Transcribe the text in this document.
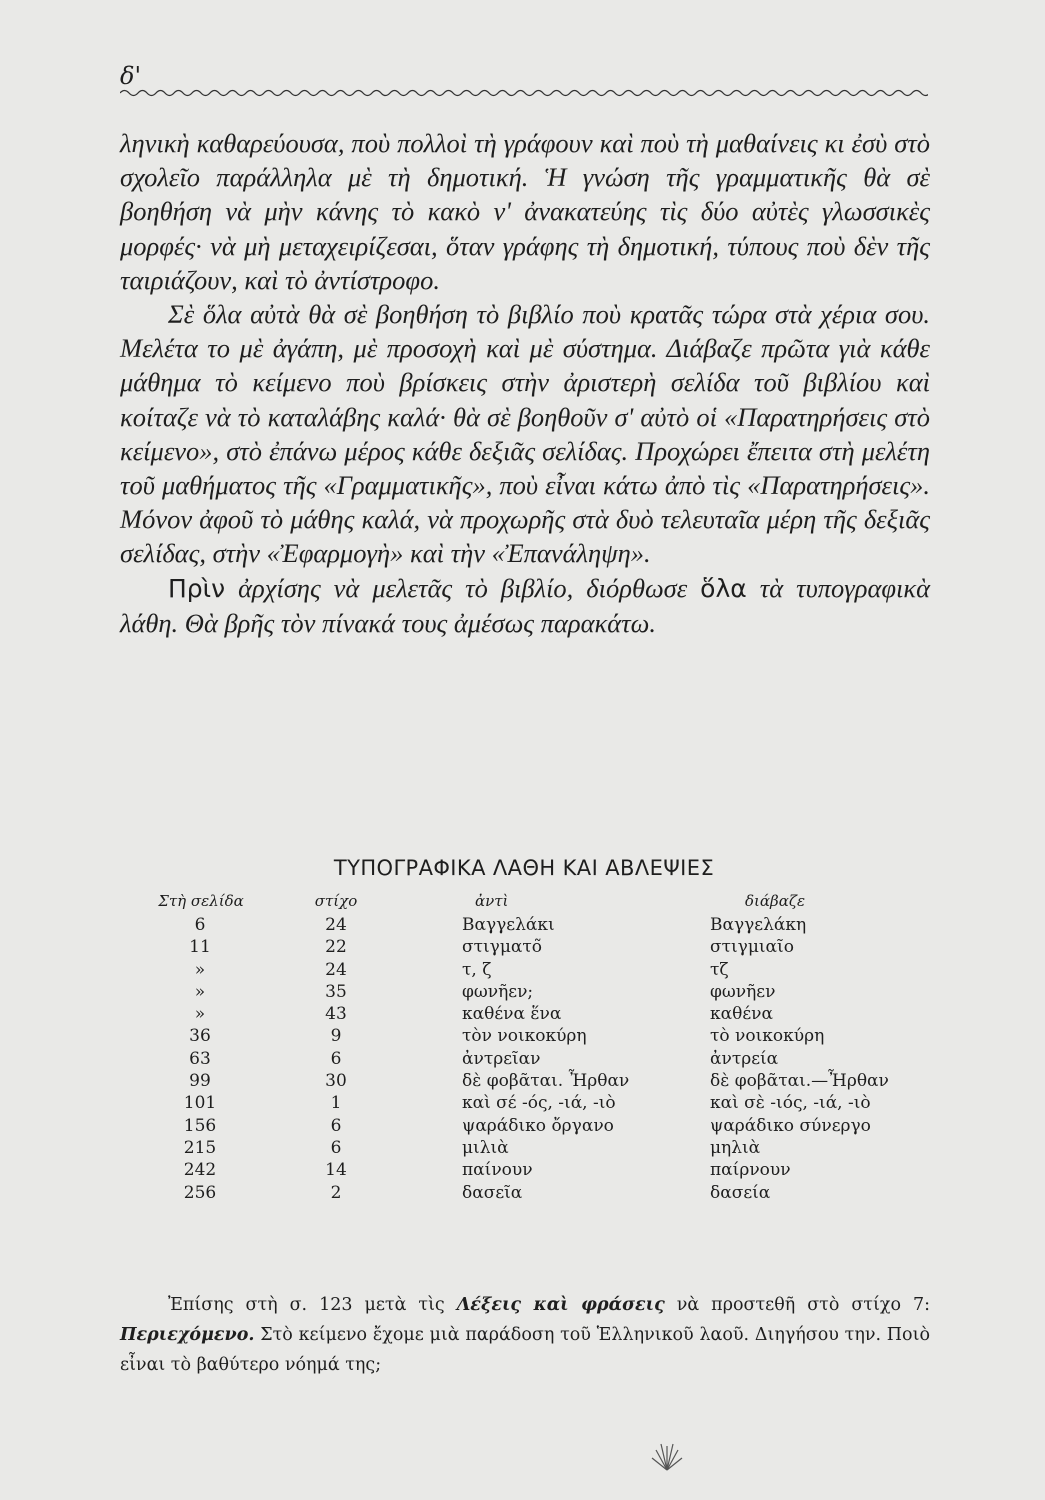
δ'

ληνικὴ καθαρεύουσα, ποὺ πολλοὶ τὴ γράφουν καὶ ποὺ τὴ μαθαίνεις κι ἐσὺ στὸ σχολεῖο παράλληλα μὲ τὴ δημοτική. Ἡ γνώση τῆς γραμματικῆς θὰ σὲ βοηθήση νὰ μὴν κάνης τὸ κακὸ ν' ἀνακατεύης τὶς δύο αὐτὲς γλωσσικὲς μορφές· νὰ μὴ μεταχειρίζεσαι, ὅταν γράφης τὴ δημοτική, τύπους ποὺ δὲν τῆς ταιριάζουν, καὶ τὸ ἀντίστροφο.

Σὲ ὅλα αὐτὰ θὰ σὲ βοηθήση τὸ βιβλίο ποὺ κρατᾶς τώρα στὰ χέρια σου. Μελέτα το μὲ ἀγάπη, μὲ προσοχὴ καὶ μὲ σύστημα. Διάβαζε πρῶτα γιὰ κάθε μάθημα τὸ κείμενο ποὺ βρίσκεις στὴν ἀριστερὴ σελίδα τοῦ βιβλίου καὶ κοίταζε νὰ τὸ καταλάβης καλά· θὰ σὲ βοηθοῦν σ' αὐτὸ οἱ «Παρατηρήσεις στὸ κείμενο», στὸ ἐπάνω μέρος κάθε δεξιᾶς σελίδας. Προχώρει ἔπειτα στὴ μελέτη τοῦ μαθήματος τῆς «Γραμματικῆς», ποὺ εἶναι κάτω ἀπὸ τὶς «Παρατηρήσεις». Μόνον ἀφοῦ τὸ μάθης καλά, νὰ προχωρῆς στὰ δυὸ τελευταῖα μέρη τῆς δεξιᾶς σελίδας, στὴν «Ἐφαρμογὴ» καὶ τὴν «Ἐπανάληψη».

Πρὶν ἀρχίσης νὰ μελετᾶς τὸ βιβλίο, διόρθωσε ὅλα τὰ τυπογραφικὰ λάθη. Θὰ βρῆς τὸν πίνακά τους ἀμέσως παρακάτω.

ΤΥΠΟΓΡΑΦΙΚΑ ΛΑΘΗ ΚΑΙ ΑΒΛΕΨΙΕΣ
Στὴ σελίδα	στίχο	ἀντὶ	διάβαζε
6	24	Βαγγελάκι	Βαγγελάκη
11	22	στιγματο̃	στιγμιαῖο
»	24	τ, ζ	τζ
»	35	φωνῆεν;	φωνῆεν
»	43	καθένα ἕνα	καθένα
36	9	τὸν νοικοκύρη	τὸ νοικοκύρη
63	6	ἀντρεῖαν	ἀντρεία
99	30	δὲ φοβᾶται. Ἦρθαν	δὲ φοβᾶται.—Ἦρθαν
101	1	καὶ σέ -ός, -ιά, -ιὸ	καὶ σὲ -ιός, -ιά, -ιὸ
156	6	ψαράδικο ὄργανο	ψαράδικο σύνεργο
215	6	μιλιὰ	μηλιὰ
242	14	παίνουν	παίρνουν
256	2	δασεῖα	δασεία

Ἐπίσης στὴ σ. 123 μετὰ τὶς Λέξεις καὶ φράσεις νὰ προστεθῆ στὸ στίχο 7: Περιεχόμενο. Στὸ κείμενο ἔχομε μιὰ παράδοση τοῦ Ἑλληνικοῦ λαοῦ. Διηγήσου την. Ποιὸ εἶναι τὸ βαθύτερο νόημά της;
